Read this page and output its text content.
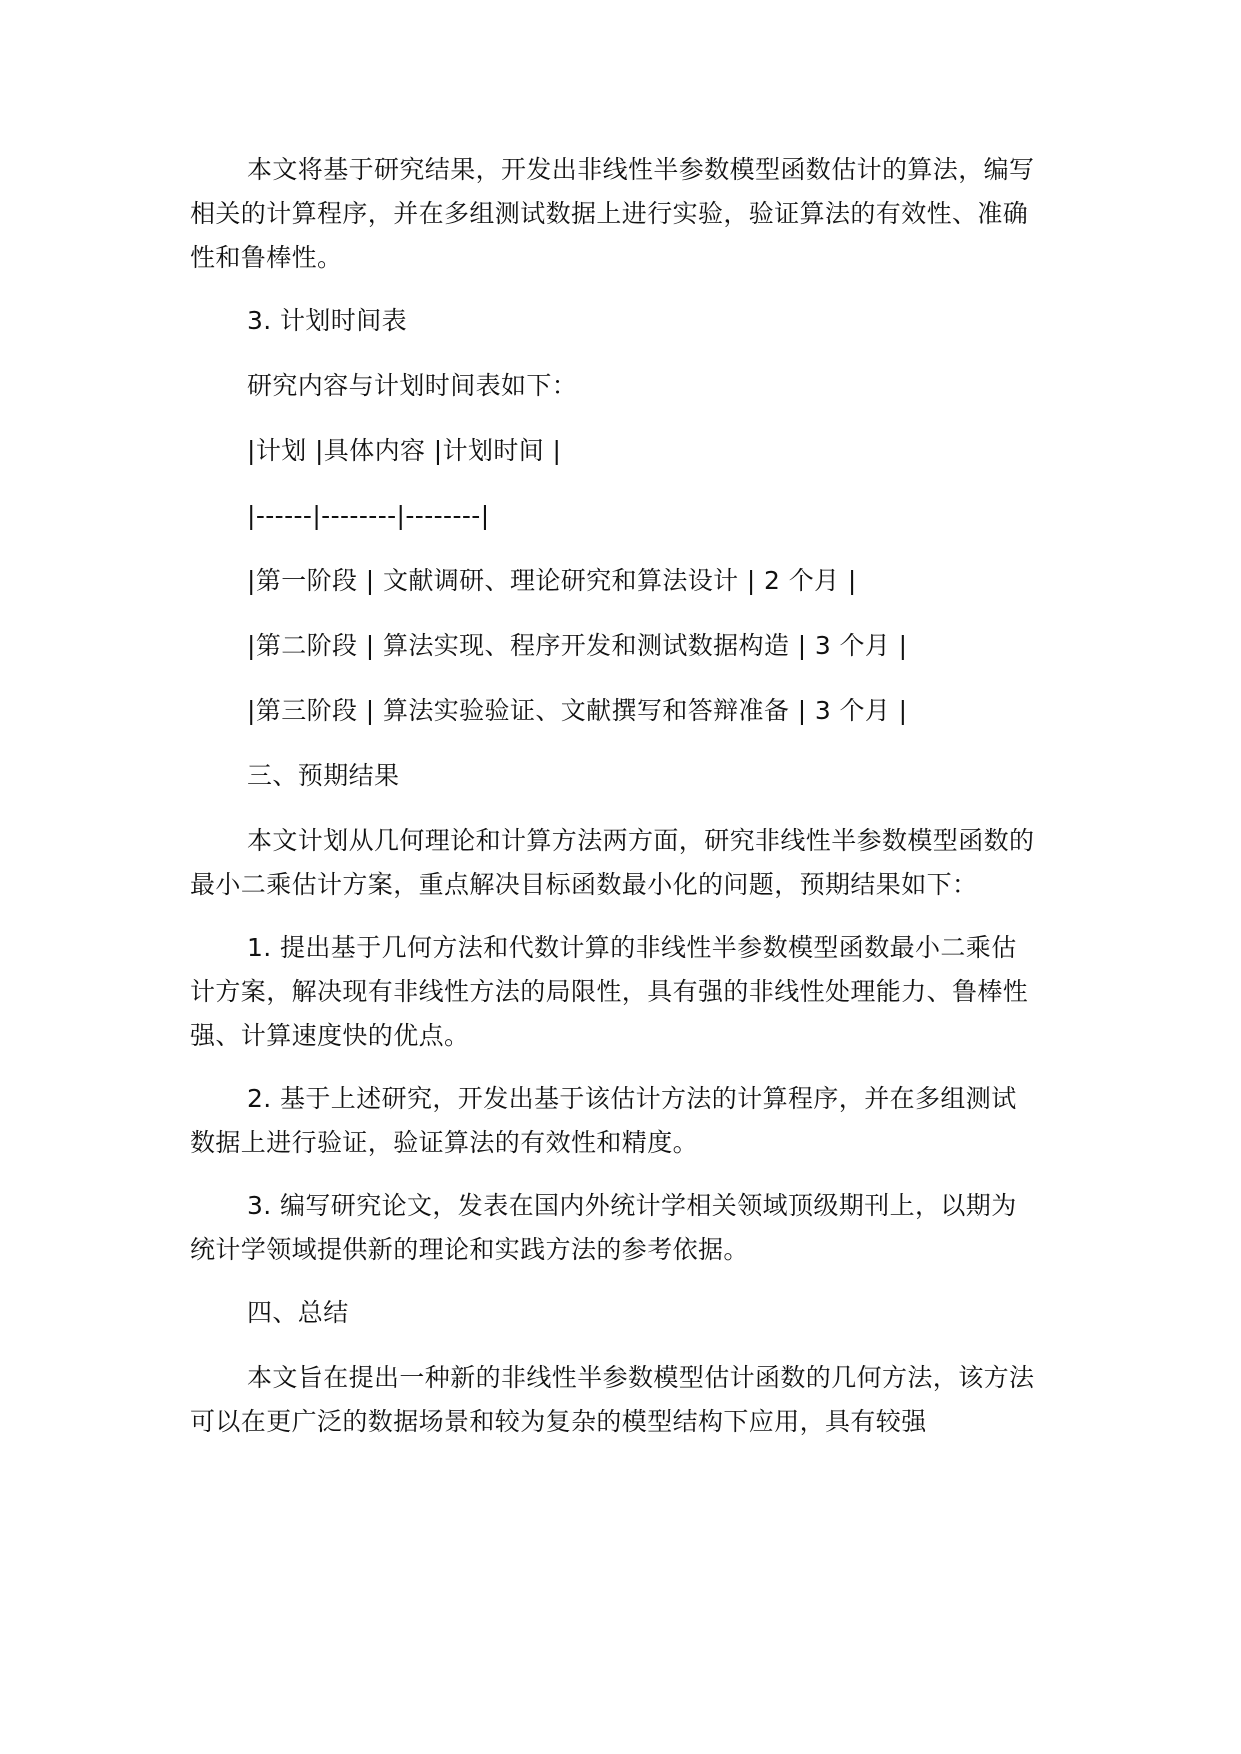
本文将基于研究结果，开发出非线性半参数模型函数估计的算法，编写相关的计算程序，并在多组测试数据上进行实验，验证算法的有效性、准确性和鲁棒性。

3. 计划时间表

研究内容与计划时间表如下：

|计划 |具体内容 |计划时间 |

|------|--------|--------|

|第一阶段 | 文献调研、理论研究和算法设计 | 2 个月 |

|第二阶段 | 算法实现、程序开发和测试数据构造 | 3 个月 |

|第三阶段 | 算法实验验证、文献撰写和答辩准备 | 3 个月 |

三、预期结果

本文计划从几何理论和计算方法两方面，研究非线性半参数模型函数的最小二乘估计方案，重点解决目标函数最小化的问题，预期结果如下：

1. 提出基于几何方法和代数计算的非线性半参数模型函数最小二乘估计方案，解决现有非线性方法的局限性，具有强的非线性处理能力、鲁棒性强、计算速度快的优点。

2. 基于上述研究，开发出基于该估计方法的计算程序，并在多组测试数据上进行验证，验证算法的有效性和精度。

3. 编写研究论文，发表在国内外统计学相关领域顶级期刊上，以期为统计学领域提供新的理论和实践方法的参考依据。

四、总结

本文旨在提出一种新的非线性半参数模型估计函数的几何方法，该方法可以在更广泛的数据场景和较为复杂的模型结构下应用，具有较强
